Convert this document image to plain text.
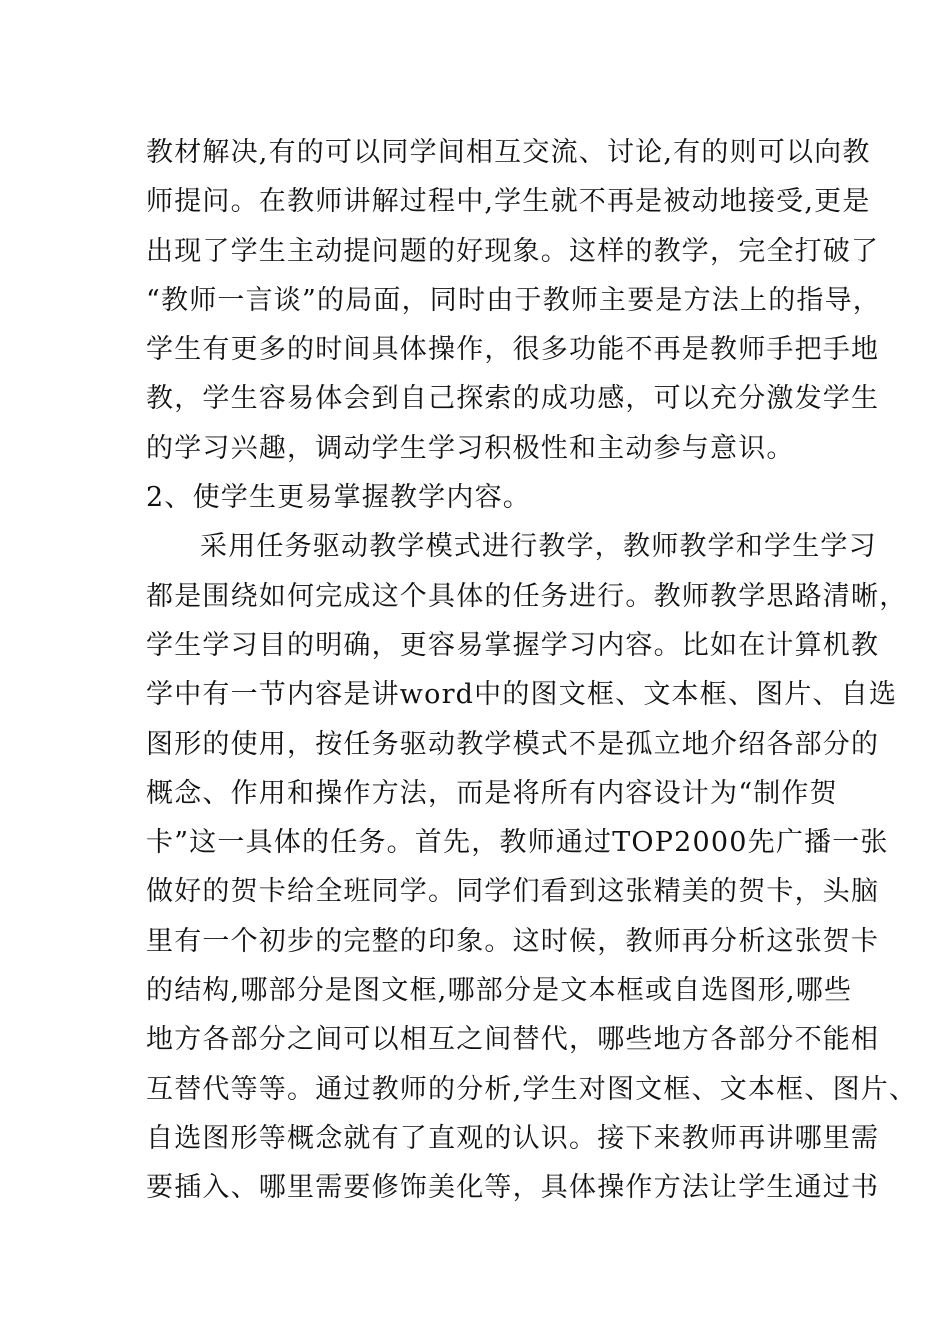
教材解决,有的可以同学间相互交流、讨论,有的则可以向教
师提问。在教师讲解过程中,学生就不再是被动地接受,更是
出现了学生主动提问题的好现象。这样的教学，完全打破了
“教师一言谈”的局面，同时由于教师主要是方法上的指导，
学生有更多的时间具体操作，很多功能不再是教师手把手地
教，学生容易体会到自己探索的成功感，可以充分激发学生
的学习兴趣，调动学生学习积极性和主动参与意识。
2、使学生更易掌握教学内容。
采用任务驱动教学模式进行教学，教师教学和学生学习
都是围绕如何完成这个具体的任务进行。教师教学思路清晰，
学生学习目的明确，更容易掌握学习内容。比如在计算机教
学中有一节内容是讲word中的图文框、文本框、图片、自选
图形的使用，按任务驱动教学模式不是孤立地介绍各部分的
概念、作用和操作方法，而是将所有内容设计为“制作贺
卡”这一具体的任务。首先，教师通过TOP2000先广播一张
做好的贺卡给全班同学。同学们看到这张精美的贺卡，头脑
里有一个初步的完整的印象。这时候，教师再分析这张贺卡
的结构,哪部分是图文框,哪部分是文本框或自选图形,哪些
地方各部分之间可以相互之间替代，哪些地方各部分不能相
互替代等等。通过教师的分析,学生对图文框、文本框、图片、
自选图形等概念就有了直观的认识。接下来教师再讲哪里需
要插入、哪里需要修饰美化等，具体操作方法让学生通过书
